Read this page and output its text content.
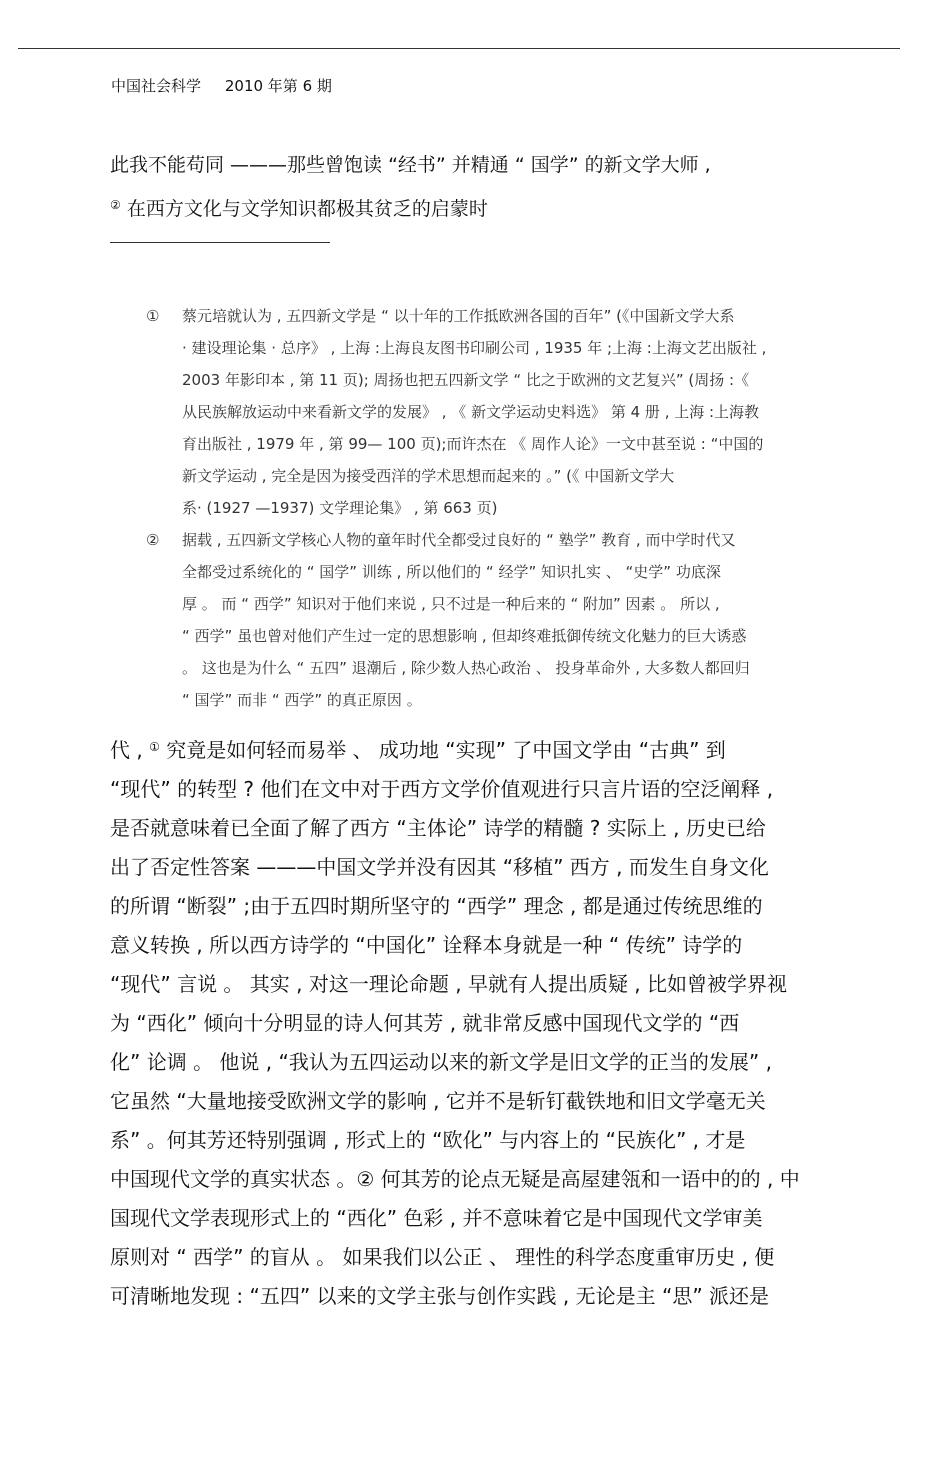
中国社会科学 2010 年第 6 期
此我不能苟同 ———那些曾饱读 “经书” 并精通 “ 国学” 的新文学大师 ,
② 在西方文化与文学知识都极其贫乏的启蒙时
① 蔡元培就认为 , 五四新文学是 “ 以十年的工作抵欧洲各国的百年” (《中国新文学大系
· 建设理论集 · 总序》 , 上海 :上海良友图书印刷公司 , 1935 年 ;上海 :上海文艺出版社 ,
2003 年影印本 , 第 11 页); 周扬也把五四新文学 “ 比之于欧洲的文艺复兴” (周扬 :《
从民族解放运动中来看新文学的发展》 , 《 新文学运动史料选》 第 4 册 , 上海 :上海教
育出版社 , 1979 年 , 第 99— 100 页);而许杰在 《 周作人论》一文中甚至说 : “中国的
新文学运动 , 完全是因为接受西洋的学术思想而起来的 。” (《 中国新文学大
系· (1927 —1937) 文学理论集》 , 第 663 页)
② 据载 , 五四新文学核心人物的童年时代全都受过良好的 “ 塾学” 教育 , 而中学时代又
全都受过系统化的 “ 国学” 训练 , 所以他们的 “ 经学” 知识扎实 、 “史学” 功底深
厚 。 而 “ 西学” 知识对于他们来说 , 只不过是一种后来的 “ 附加” 因素 。 所以 ,
“ 西学” 虽也曾对他们产生过一定的思想影响 , 但却终难抵御传统文化魅力的巨大诱惑
。 这也是为什么 “ 五四” 退潮后 , 除少数人热心政治 、 投身革命外 , 大多数人都回归
“ 国学” 而非 “ 西学” 的真正原因 。
代 , ① 究竟是如何轻而易举 、 成功地 “实现” 了中国文学由 “古典” 到
“现代” 的转型 ? 他们在文中对于西方文学价值观进行只言片语的空泛阐释 ,
是否就意味着已全面了解了西方 “主体论” 诗学的精髓 ? 实际上 , 历史已给
出了否定性答案 ———中国文学并没有因其 “移植” 西方 , 而发生自身文化
的所谓 “断裂” ;由于五四时期所坚守的 “西学” 理念 , 都是通过传统思维的
意义转换 , 所以西方诗学的 “中国化” 诠释本身就是一种 “ 传统” 诗学的
“现代” 言说 。 其实 , 对这一理论命题 , 早就有人提出质疑 , 比如曾被学界视
为 “西化” 倾向十分明显的诗人何其芳 , 就非常反感中国现代文学的 “西
化” 论调 。 他说 , “我认为五四运动以来的新文学是旧文学的正当的发展” ,
它虽然 “大量地接受欧洲文学的影响 , 它并不是斩钉截铁地和旧文学毫无关
系” 。何其芳还特别强调 , 形式上的 “欧化” 与内容上的 “民族化” , 才是
中国现代文学的真实状态 。② 何其芳的论点无疑是高屋建瓴和一语中的的 , 中
国现代文学表现形式上的 “西化” 色彩 , 并不意味着它是中国现代文学审美
原则对 “ 西学” 的盲从 。 如果我们以公正 、 理性的科学态度重审历史 , 便
可清晰地发现 : “五四” 以来的文学主张与创作实践 , 无论是主 “思” 派还是
